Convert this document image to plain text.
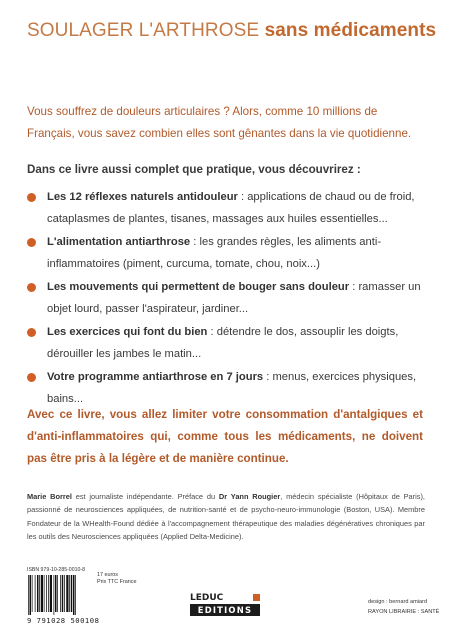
SOULAGER L'ARTHROSE sans médicaments
Vous souffrez de douleurs articulaires ? Alors, comme 10 millions de Français, vous savez combien elles sont gênantes dans la vie quotidienne.
Dans ce livre aussi complet que pratique, vous découvrirez :
Les 12 réflexes naturels antidouleur : applications de chaud ou de froid, cataplasmes de plantes, tisanes, massages aux huiles essentielles...
L'alimentation antiarthrose : les grandes règles, les aliments anti-inflammatoires (piment, curcuma, tomate, chou, noix...)
Les mouvements qui permettent de bouger sans douleur : ramasser un objet lourd, passer l'aspirateur, jardiner...
Les exercices qui font du bien : détendre le dos, assouplir les doigts, dérouiller les jambes le matin...
Votre programme antiarthrose en 7 jours : menus, exercices physiques, bains...
Avec ce livre, vous allez limiter votre consommation d'antalgiques et d'anti-inflammatoires qui, comme tous les médicaments, ne doivent pas être pris à la légère et de manière continue.
Marie Borrel est journaliste indépendante. Préface du Dr Yann Rougier, médecin spécialiste (Hôpitaux de Paris), passionné de neurosciences appliquées, de nutrition-santé et de psycho-neuro-immunologie (Boston, USA). Membre Fondateur de la WHealth-Found dédiée à l'accompagnement thérapeutique des maladies dégénératives chroniques par les outils des Neurosciences appliquées (Applied Delta-Medicine).
ISBN 979-10-285-0010-8
9 791028 500108
17 euros
Prix TTC France
LEDUC
EDITIONS
design : bernard amiard
RAYON LIBRAIRIE : SANTÉ
